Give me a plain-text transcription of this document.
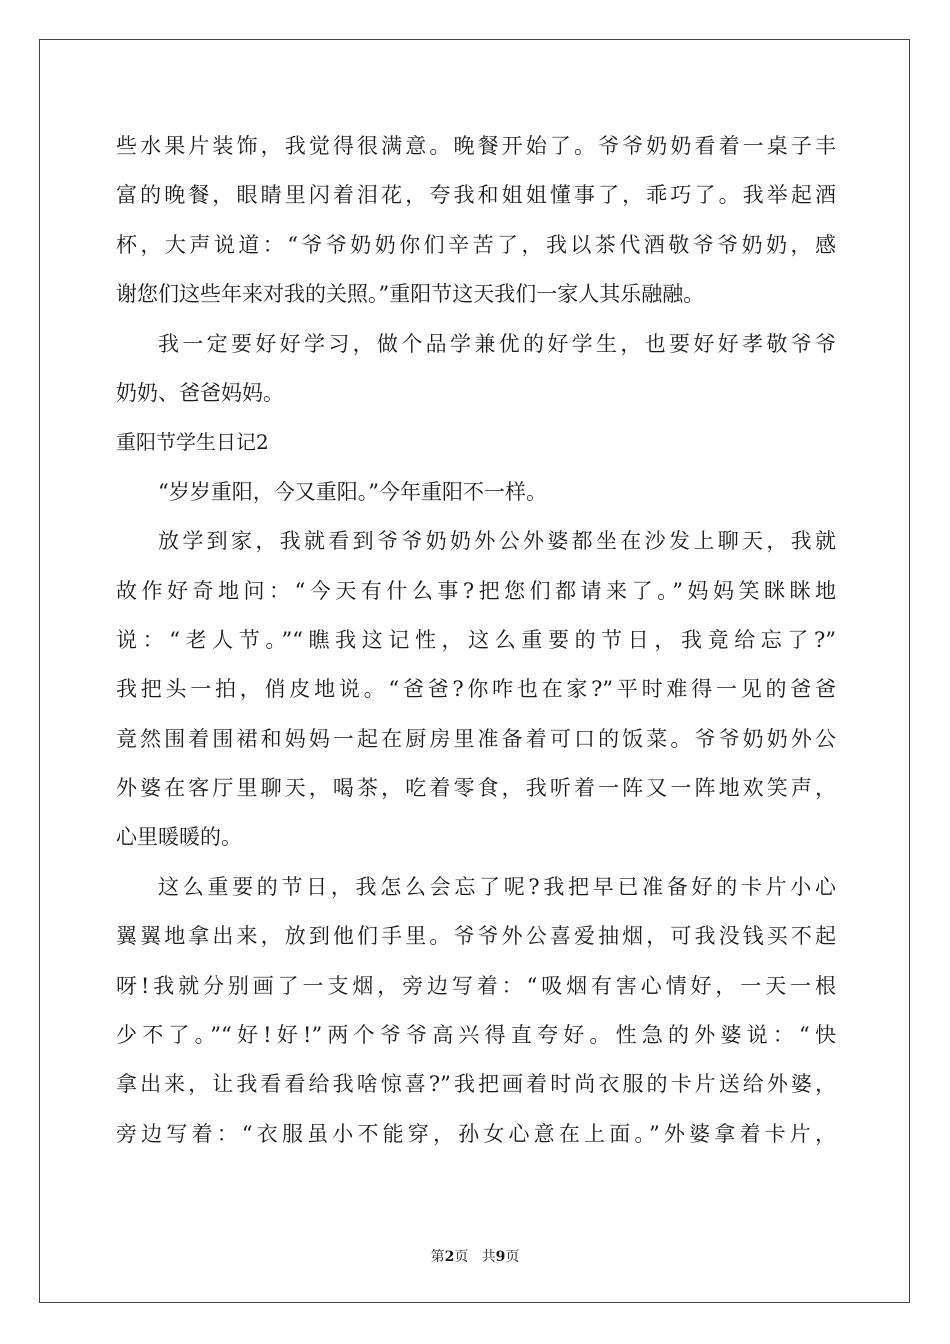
些水果片装饰，我觉得很满意。晚餐开始了。爷爷奶奶看着一桌子丰
富的晚餐，眼睛里闪着泪花，夸我和姐姐懂事了，乖巧了。我举起酒
杯，大声说道：“爷爷奶奶你们辛苦了，我以茶代酒敬爷爷奶奶，感
谢您们这些年来对我的关照。”重阳节这天我们一家人其乐融融。
我一定要好好学习，做个品学兼优的好学生，也要好好孝敬爷爷
奶奶、爸爸妈妈。
重阳节学生日记2
“岁岁重阳，今又重阳。”今年重阳不一样。
放学到家，我就看到爷爷奶奶外公外婆都坐在沙发上聊天，我就
故作好奇地问：“今天有什么事?把您们都请来了。”妈妈笑眯眯地
说：“老人节。”“瞧我这记性，这么重要的节日，我竟给忘了?”
我把头一拍，俏皮地说。“爸爸?你咋也在家?”平时难得一见的爸爸
竟然围着围裙和妈妈一起在厨房里准备着可口的饭菜。爷爷奶奶外公
外婆在客厅里聊天，喝茶，吃着零食，我听着一阵又一阵地欢笑声，
心里暖暖的。
这么重要的节日，我怎么会忘了呢?我把早已准备好的卡片小心
翼翼地拿出来，放到他们手里。爷爷外公喜爱抽烟，可我没钱买不起
呀!我就分别画了一支烟，旁边写着：“吸烟有害心情好，一天一根
少不了。”“好!好!”两个爷爷高兴得直夸好。性急的外婆说：“快
拿出来，让我看看给我啥惊喜?”我把画着时尚衣服的卡片送给外婆，
旁边写着：“衣服虽小不能穿，孙女心意在上面。”外婆拿着卡片，
第2页 共9页
